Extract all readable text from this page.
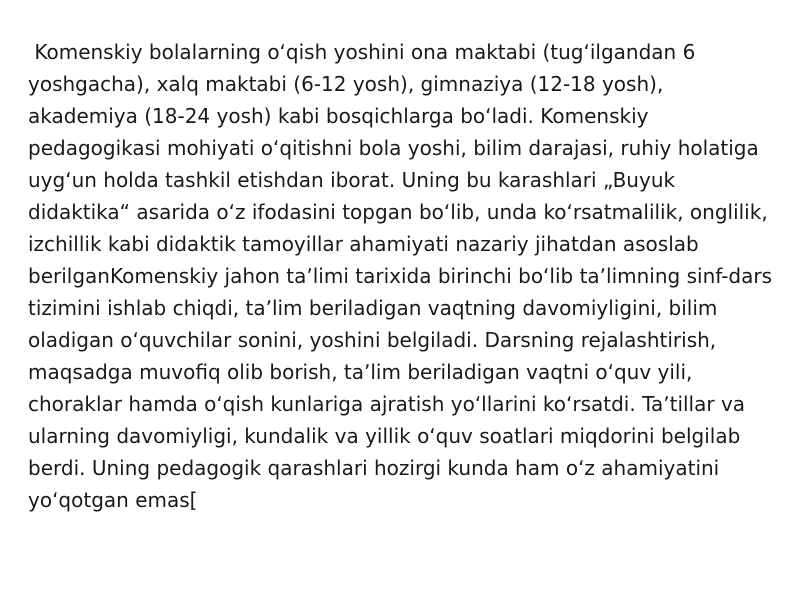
Komenskiy bolalarning oʻqish yoshini ona maktabi (tugʻilgandan 6 yoshgacha), xalq maktabi (6-12 yosh), gimnaziya (12-18 yosh), akademiya (18-24 yosh) kabi bosqichlarga boʻladi. Komenskiy pedagogikasi mohiyati oʻqitishni bola yoshi, bilim darajasi, ruhiy holatiga uygʻun holda tashkil etishdan iborat. Uning bu karashlari „Buyuk didaktika“ asarida oʻz ifodasini topgan boʻlib, unda koʻrsatmalilik, onglilik, izchillik kabi didaktik tamoyillar ahamiyati nazariy jihatdan asoslab berilganKomenskiy jahon taʼlimi tarixida birinchi boʻlib taʼlimning sinf-dars tizimini ishlab chiqdi, taʼlim beriladigan vaqtning davomiyligini, bilim oladigan oʻquvchilar sonini, yoshini belgiladi. Darsning rejalashtirish, maqsadga muvofiq olib borish, taʼlim beriladigan vaqtni oʻquv yili, choraklar hamda oʻqish kunlariga ajratish yoʻllarini koʻrsatdi. Taʼtillar va ularning davomiyligi, kundalik va yillik oʻquv soatlari miqdorini belgilab berdi. Uning pedagogik qarashlari hozirgi kunda ham oʻz ahamiyatini yoʻqotgan emas[
